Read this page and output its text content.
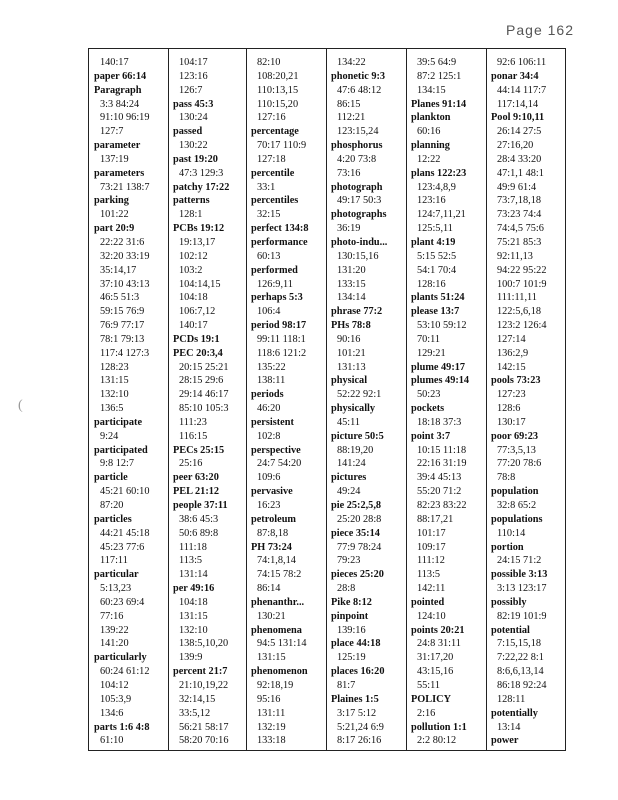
Page 162
(
140:17
paper 66:14
Paragraph
3:3 84:24
91:10 96:19
127:7
parameter
137:19
parameters
73:21 138:7
parking
101:22
part 20:9
22:22 31:6
32:20 33:19
35:14,17
37:10 43:13
46:5 51:3
59:15 76:9
76:9 77:17
78:1 79:13
117:4 127:3
128:23
131:15
132:10
136:5
participate
9:24
participated
9:8 12:7
particle
45:21 60:10
87:20
particles
44:21 45:18
45:23 77:6
117:11
particular
5:13,23
60:23 69:4
77:16
139:22
141:20
particularly
60:24 61:12
104:12
105:3,9
134:6
parts 1:6 4:8
61:10
104:17
123:16
126:7
pass 45:3
130:24
passed
130:22
past 19:20
47:3 129:3
patchy 17:22
patterns
128:1
PCBs 19:12
19:13,17
102:12
103:2
104:14,15
104:18
106:7,12
140:17
PCDs 19:1
PEC 20:3,4
20:15 25:21
28:15 29:6
29:14 46:17
85:10 105:3
111:23
116:15
PECs 25:15
25:16
peer 63:20
PEL 21:12
people 37:11
38:6 45:3
50:6 89:8
111:18
113:5
131:14
per 49:16
104:18
131:15
132:10
138:5,10,20
139:9
percent 21:7
21:10,19,22
32:14,15
33:5,12
56:21 58:17
58:20 70:16
82:10
108:20,21
110:13,15
110:15,20
127:16
percentage
70:17 110:9
127:18
percentile
33:1
percentiles
32:15
perfect 134:8
performance
60:13
performed
126:9,11
perhaps 5:3
106:4
period 98:17
99:11 118:1
118:6 121:2
135:22
138:11
periods
46:20
persistent
102:8
perspective
24:7 54:20
109:6
pervasive
16:23
petroleum
87:8,18
PH 73:24
74:1,8,14
74:15 78:2
86:14
phenanthr...
130:21
phenomena
94:5 131:14
131:15
phenomenon
92:18,19
95:16
131:11
132:19
133:18
134:22
phonetic 9:3
47:6 48:12
86:15
112:21
123:15,24
phosphorus
4:20 73:8
73:16
photograph
49:17 50:3
photographs
36:19
photo-indu...
130:15,16
131:20
133:15
134:14
phrase 77:2
PHs 78:8
90:16
101:21
131:13
physical
52:22 92:1
physically
45:11
picture 50:5
88:19,20
141:24
pictures
49:24
pie 25:2,5,8
25:20 28:8
piece 35:14
77:9 78:24
79:23
pieces 25:20
28:8
Pike 8:12
pinpoint
139:16
place 44:18
125:19
places 16:20
81:7
Plaines 1:5
3:17 5:12
5:21,24 6:9
8:17 26:16
39:5 64:9
87:2 125:1
134:15
Planes 91:14
plankton
60:16
planning
12:22
plans 122:23
123:4,8,9
123:16
124:7,11,21
125:5,11
plant 4:19
5:15 52:5
54:1 70:4
128:16
plants 51:24
please 13:7
53:10 59:12
70:11
129:21
plume 49:17
plumes 49:14
50:23
pockets
18:18 37:3
point 3:7
10:15 11:18
22:16 31:19
39:4 45:13
55:20 71:2
82:23 83:22
88:17,21
101:17
109:17
111:12
113:5
142:11
pointed
124:10
points 20:21
24:8 31:11
31:17,20
43:15,16
55:11
POLICY
2:16
pollution 1:1
2:2 80:12
92:6 106:11
ponar 34:4
44:14 117:7
117:14,14
Pool 9:10,11
26:14 27:5
27:16,20
28:4 33:20
47:1,1 48:1
49:9 61:4
73:7,18,18
73:23 74:4
74:4,5 75:6
75:21 85:3
92:11,13
94:22 95:22
100:7 101:9
111:11,11
122:5,6,18
123:2 126:4
127:14
136:2,9
142:15
pools 73:23
127:23
128:6
130:17
poor 69:23
77:3,5,13
77:20 78:6
78:8
population
32:8 65:2
populations
110:14
portion
24:15 71:2
possible 3:13
3:13 123:17
possibly
82:19 101:9
potential
7:15,15,18
7:22,22 8:1
8:6,6,13,14
86:18 92:24
128:11
potentially
13:14
power
